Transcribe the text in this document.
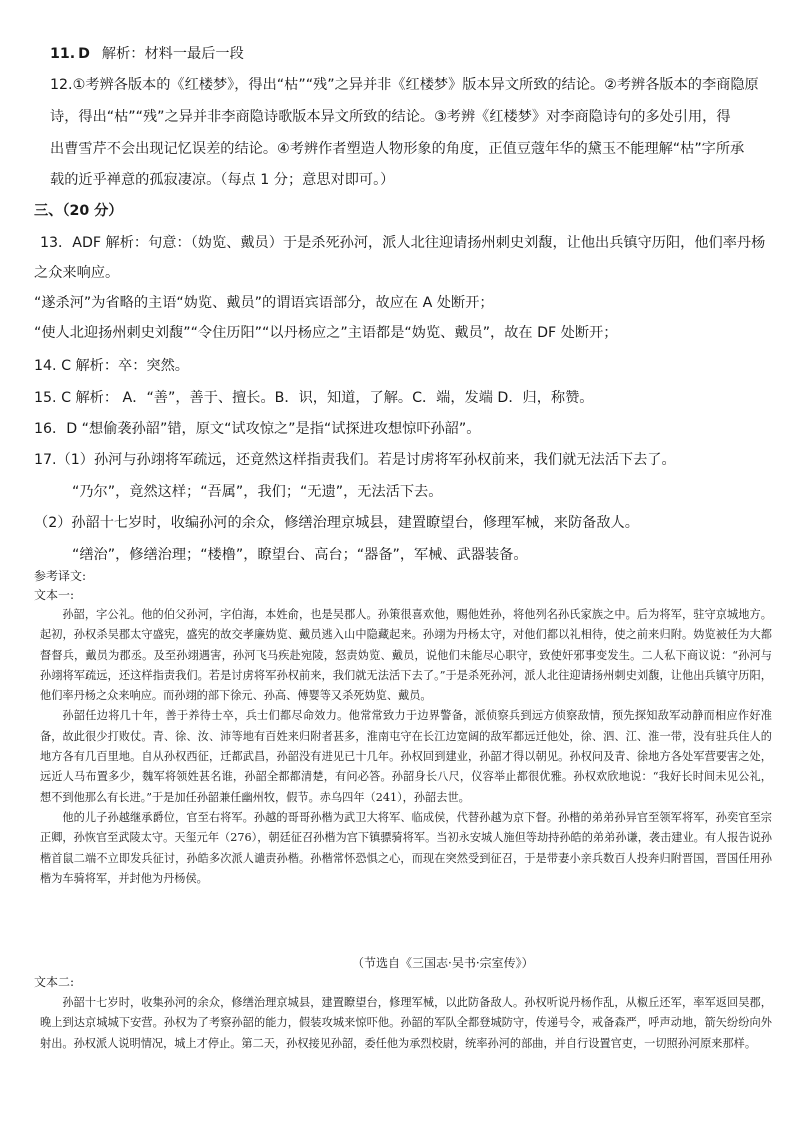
11. D 解析：材料一最后一段
12.①考辨各版本的《红楼梦》，得出“枯”“残”之异并非《红楼梦》版本异文所致的结论。②考辨各版本的李商隐原
诗，得出“枯”“残”之异并非李商隐诗歌版本异文所致的结论。③考辨《红楼梦》对李商隐诗句的多处引用，得
出曹雪芹不会出现记忆误差的结论。④考辨作者塑造人物形象的角度，正值豆蔻年华的黛玉不能理解“枯”字所承
载的近乎禅意的孤寂凄凉。（每点 1 分；意思对即可。）
三、（20 分）
13．ADF 解析：句意：（妫览、戴员）于是杀死孙河，派人北往迎请扬州刺史刘馥，让他出兵镇守历阳，他们率丹杨
之众来响应。
“遂杀河”为省略的主语“妫览、戴员”的谓语宾语部分，故应在 A 处断开；
“使人北迎扬州刺史刘馥”“令住历阳”“以丹杨应之”主语都是“妫览、戴员”，故在 DF 处断开；
14. C 解析：卒：突然。
15. C 解析： A．“善”，善于、擅长。B．识，知道，了解。C．端，发端 D．归，称赞。
16．D “想偷袭孙韶”错，原文“试攻惊之”是指“试探进攻想惊吓孙韶”。
17.（1）孙河与孙翊将军疏远，还竟然这样指责我们。若是讨虏将军孙权前来，我们就无法活下去了。
“乃尔”，竟然这样；“吾属”，我们；“无遗”，无法活下去。
（2）孙韶十七岁时，收编孙河的余众，修缮治理京城县，建置瞭望台，修理军械，来防备敌人。
“缮治”，修缮治理；“楼橹”，瞭望台、高台；“器备”，军械、武器装备。
参考译文:
文本一:

孙韶，字公礼。他的伯父孙河，字伯海，本姓俞，也是吴郡人。孙策很喜欢他，赐他姓孙，将他列名孙氏家族之中。后为将军，驻守京城地方。起初，孙权杀吴郡太守盛宪，盛宪的故交孝廉妫览、戴员逃入山中隐藏起来。孙翊为丹杨太守，对他们都以礼相待，使之前来归附。妫览被任为大都督督兵，戴员为郡丞。及至孙翊遇害，孙河飞马疾赴宛陵，怒责妫览、戴员，说他们未能尽心职守，致使奸邪事变发生。二人私下商议说：“孙河与孙翊将军疏远，还这样指责我们。若是讨虏将军孙权前来，我们就无法活下去了。”于是杀死孙河，派人北往迎请扬州刺史刘馥，让他出兵镇守历阳，他们率丹杨之众来响应。而孙翊的部下徐元、孙高、傅婴等又杀死妫览、戴员。

孙韶任边将几十年，善于养待士卒，兵士们都尽命效力。他常常致力于边界警备，派侦察兵到远方侦察敌情，预先探知敌军动静而相应作好准备，故此很少打败仗。青、徐、汝、沛等地有百姓来归附者甚多，淮南屯守在长江边宽阔的敌军都远迁他处，徐、泗、江、淮一带，没有驻兵住人的地方各有几百里地。自从孙权西征，迁都武昌，孙韶没有进见已十几年。孙权回到建业，孙韶才得以朝见。孙权问及青、徐地方各处军营要害之处，远近人马布置多少，魏军将领姓甚名谁，孙韶全都都清楚，有问必答。孙韶身长八尺，仪容举止都很优雅。孙权欢欣地说：“我好长时间未见公礼，想不到他那么有长进。”于是加任孙韶兼任幽州牧，假节。赤乌四年（241），孙韶去世。

他的儿子孙越继承爵位，官至右将军。孙越的哥哥孙楷为武卫大将军、临成侯，代替孙越为京下督。孙楷的弟弟孙异官至领军将军，孙奕官至宗正卿，孙恢官至武陵太守。天玺元年（276），朝廷征召孙楷为宫下镇骠骑将军。当初永安城人施但等劫持孙皓的弟弟孙谦，袭击建业。有人报告说孙楷首鼠二端不立即发兵征讨，孙皓多次派人谴责孙楷。孙楷常怀恐惧之心，而现在突然受到征召，于是带妻小亲兵数百人投奔归附晋国，晋国任用孙楷为车骑将军，并封他为丹杨侯。

（节选自《三国志·吴书·宗室传》）
文本二:

孙韶十七岁时，收集孙河的余众，修缮治理京城县，建置瞭望台，修理军械，以此防备敌人。孙权听说丹杨作乱，从椒丘还军，率军返回吴郡，晚上到达京城城下安营。孙权为了考察孙韶的能力，假装攻城来惊吓他。孙韶的军队全都登城防守，传递号令，戒备森严，呼声动地，箭矢纷纷向外射出。孙权派人说明情况，城上才停止。第二天，孙权接见孙韶，委任他为承烈校尉，统率孙河的部曲，并自行设置官吏，一切照孙河原来那样。
